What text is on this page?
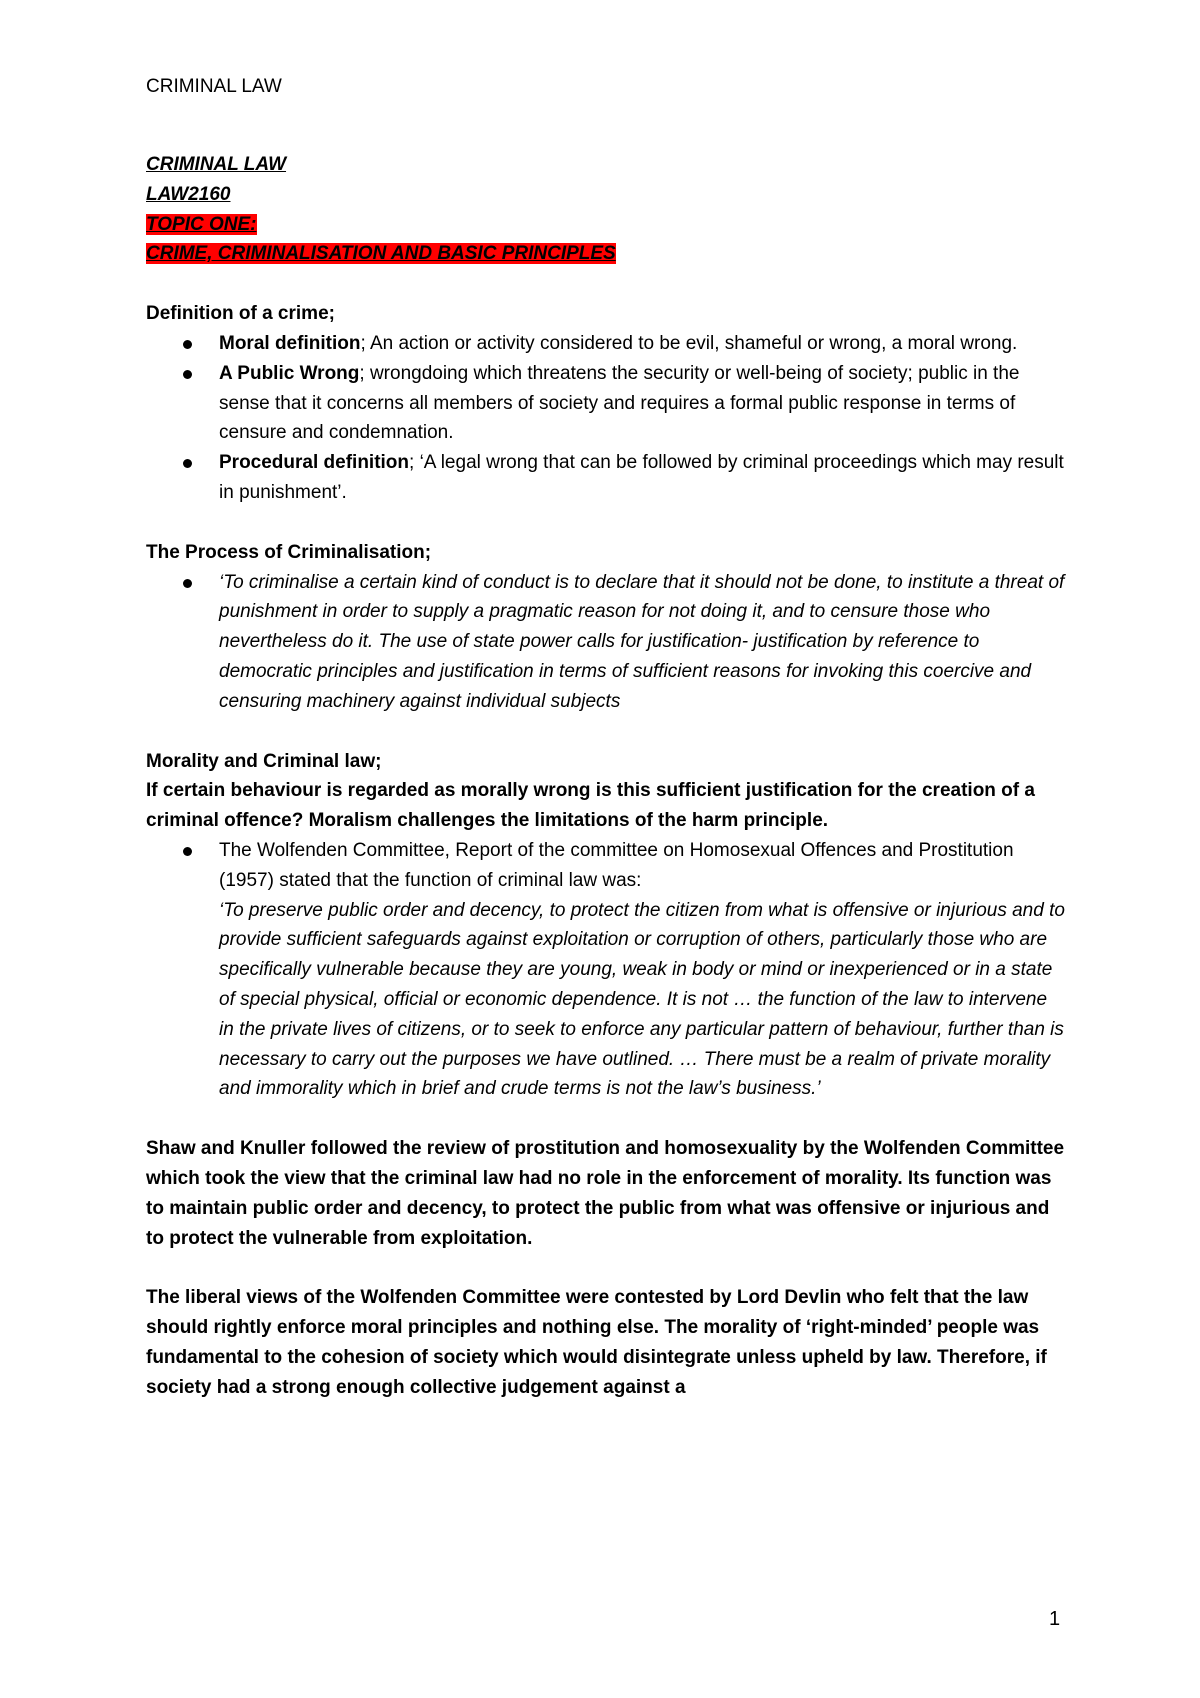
CRIMINAL LAW

CRIMINAL LAW

LAW2160

TOPIC ONE:

CRIME, CRIMINALISATION AND BASIC PRINCIPLES

Definition of a crime;

Moral definition; An action or activity considered to be evil, shameful or wrong, a moral wrong.
A Public Wrong; wrongdoing which threatens the security or well-being of society; public in the sense that it concerns all members of society and requires a formal public response in terms of censure and condemnation.
Procedural definition; ‘A legal wrong that can be followed by criminal proceedings which may result in punishment’.

The Process of Criminalisation;

‘To criminalise a certain kind of conduct is to declare that it should not be done, to institute a threat of punishment in order to supply a pragmatic reason for not doing it, and to censure those who nevertheless do it. The use of state power calls for justification- justification by reference to democratic principles and justification in terms of sufficient reasons for invoking this coercive and censuring machinery against individual subjects

Morality and Criminal law;

If certain behaviour is regarded as morally wrong is this sufficient justification for the creation of a criminal offence? Moralism challenges the limitations of the harm principle.

The Wolfenden Committee, Report of the committee on Homosexual Offences and Prostitution (1957) stated that the function of criminal law was:
‘To preserve public order and decency, to protect the citizen from what is offensive or injurious and to provide sufficient safeguards against exploitation or corruption of others, particularly those who are specifically vulnerable because they are young, weak in body or mind or inexperienced or in a state of special physical, official or economic dependence. It is not … the function of the law to intervene in the private lives of citizens, or to seek to enforce any particular pattern of behaviour, further than is necessary to carry out the purposes we have outlined. … There must be a realm of private morality and immorality which in brief and crude terms is not the law’s business.’

Shaw and Knuller followed the review of prostitution and homosexuality by the Wolfenden Committee which took the view that the criminal law had no role in the enforcement of morality. Its function was to maintain public order and decency, to protect the public from what was offensive or injurious and to protect the vulnerable from exploitation.

The liberal views of the Wolfenden Committee were contested by Lord Devlin who felt that the law should rightly enforce moral principles and nothing else. The morality of ‘right-minded’ people was fundamental to the cohesion of society which would disintegrate unless upheld by law. Therefore, if society had a strong enough collective judgement against a

1
